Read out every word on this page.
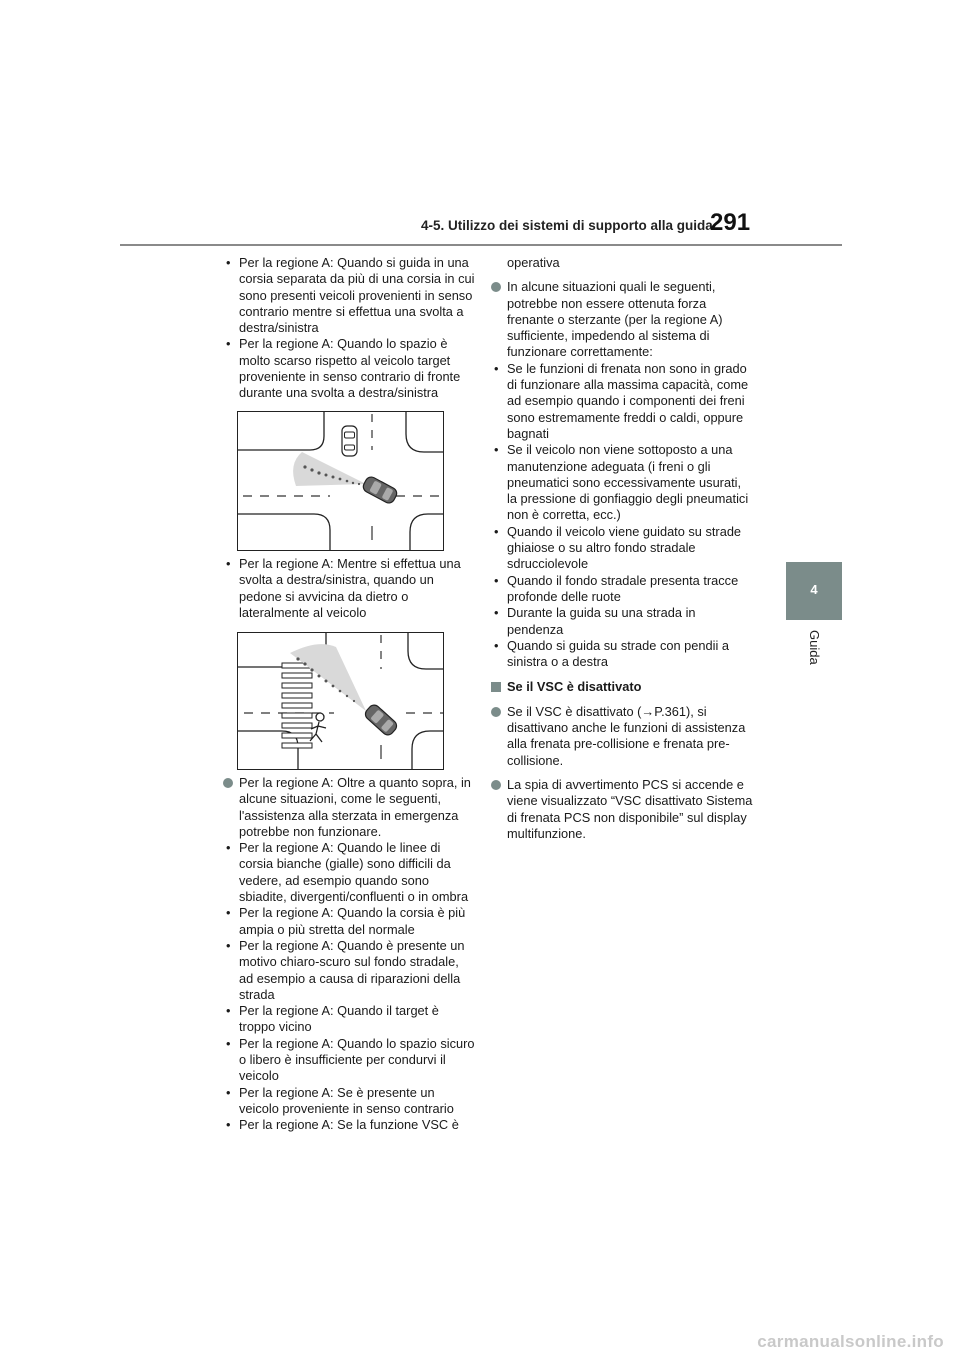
4-5. Utilizzo dei sistemi di supporto alla guida
291
4
Guida

• Per la regione A: Quando si guida in una corsia separata da più di una corsia in cui sono presenti veicoli provenienti in senso contrario mentre si effettua una svolta a destra/sinistra

• Per la regione A: Quando lo spazio è molto scarso rispetto al veicolo target proveniente in senso contrario di fronte durante una svolta a destra/sinistra

• Per la regione A: Mentre si effettua una svolta a destra/sinistra, quando un pedone si avvicina da dietro o lateralmente al veicolo

Per la regione A: Oltre a quanto sopra, in alcune situazioni, come le seguenti, l'assistenza alla sterzata in emergenza potrebbe non funzionare.

• Per la regione A: Quando le linee di corsia bianche (gialle) sono difficili da vedere, ad esempio quando sono sbiadite, divergenti/confluenti o in ombra

• Per la regione A: Quando la corsia è più ampia o più stretta del normale

• Per la regione A: Quando è presente un motivo chiaro-scuro sul fondo stradale, ad esempio a causa di riparazioni della strada

• Per la regione A: Quando il target è troppo vicino

• Per la regione A: Quando lo spazio sicuro o libero è insufficiente per condurvi il veicolo

• Per la regione A: Se è presente un veicolo proveniente in senso contrario

• Per la regione A: Se la funzione VSC è

operativa

In alcune situazioni quali le seguenti, potrebbe non essere ottenuta forza frenante o sterzante (per la regione A) sufficiente, impedendo al sistema di funzionare correttamente:

• Se le funzioni di frenata non sono in grado di funzionare alla massima capacità, come ad esempio quando i componenti dei freni sono estremamente freddi o caldi, oppure bagnati

• Se il veicolo non viene sottoposto a una manutenzione adeguata (i freni o gli pneumatici sono eccessivamente usurati, la pressione di gonfiaggio degli pneumatici non è corretta, ecc.)

• Quando il veicolo viene guidato su strade ghiaiose o su altro fondo stradale sdrucciolevole

• Quando il fondo stradale presenta tracce profonde delle ruote

• Durante la guida su una strada in pendenza

• Quando si guida su strade con pendii a sinistra o a destra

Se il VSC è disattivato

Se il VSC è disattivato (→P.361), si disattivano anche le funzioni di assistenza alla frenata pre-collisione e frenata pre-collisione.

La spia di avvertimento PCS si accende e viene visualizzato “VSC disattivato Sistema di frenata PCS non disponibile” sul display multifunzione.

carmanualsonline.info
